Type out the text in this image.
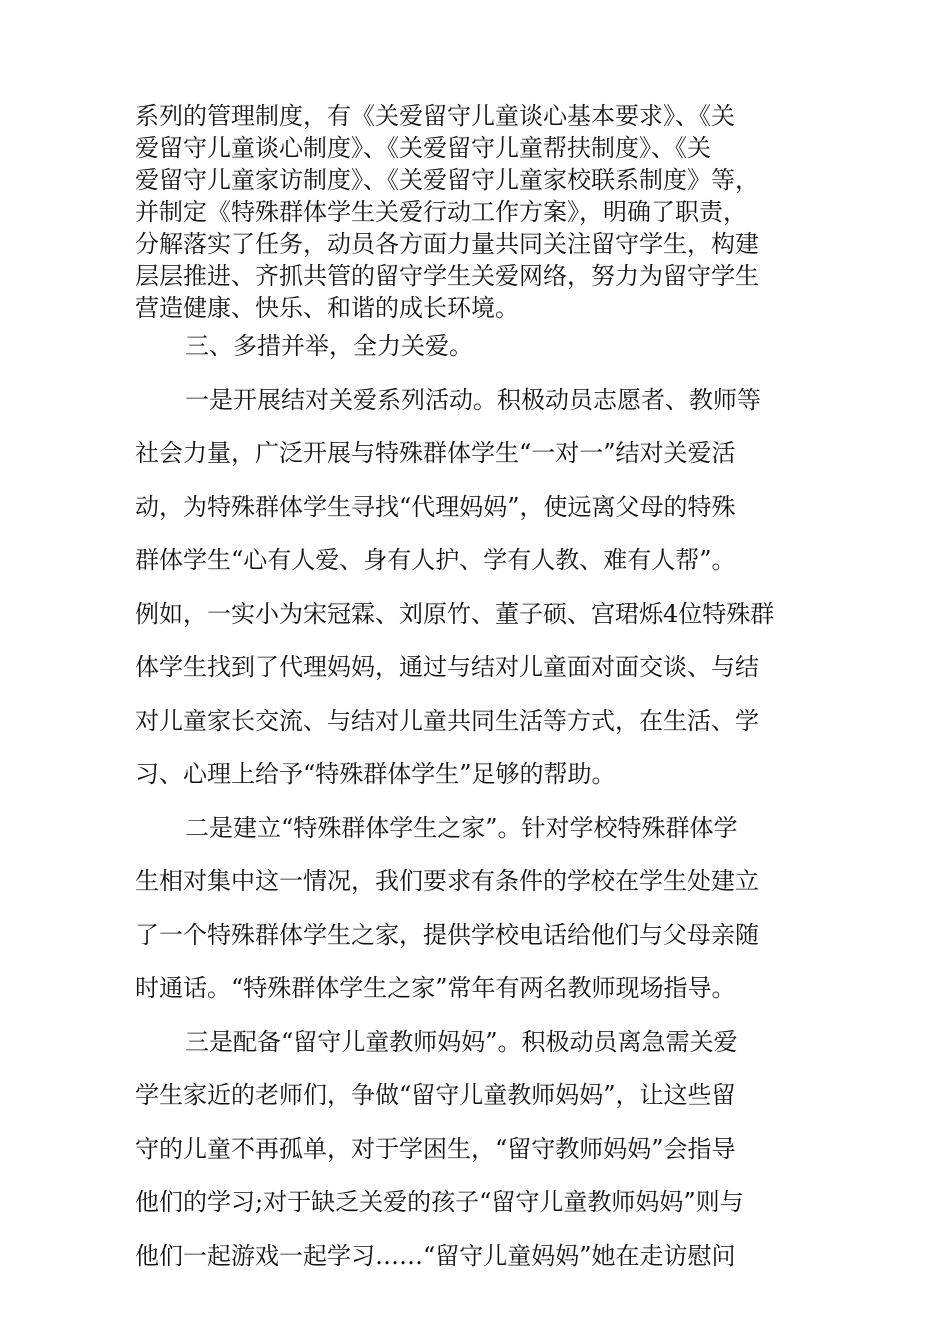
系列的管理制度，有《关爱留守儿童谈心基本要求》、《关
爱留守儿童谈心制度》、《关爱留守儿童帮扶制度》、《关
爱留守儿童家访制度》、《关爱留守儿童家校联系制度》等，
并制定《特殊群体学生关爱行动工作方案》，明确了职责，
分解落实了任务，动员各方面力量共同关注留守学生，构建
层层推进、齐抓共管的留守学生关爱网络，努力为留守学生
营造健康、快乐、和谐的成长环境。
三、多措并举，全力关爱。
一是开展结对关爱系列活动。积极动员志愿者、教师等
社会力量，广泛开展与特殊群体学生“一对一”结对关爱活
动，为特殊群体学生寻找“代理妈妈”，使远离父母的特殊
群体学生“心有人爱、身有人护、学有人教、难有人帮”。
例如，一实小为宋冠霖、刘原竹、董子硕、宫珺烁4位特殊群
体学生找到了代理妈妈，通过与结对儿童面对面交谈、与结
对儿童家长交流、与结对儿童共同生活等方式，在生活、学
习、心理上给予“特殊群体学生”足够的帮助。
二是建立“特殊群体学生之家”。针对学校特殊群体学
生相对集中这一情况，我们要求有条件的学校在学生处建立
了一个特殊群体学生之家，提供学校电话给他们与父母亲随
时通话。“特殊群体学生之家”常年有两名教师现场指导。
三是配备“留守儿童教师妈妈”。积极动员离急需关爱
学生家近的老师们，争做“留守儿童教师妈妈”，让这些留
守的儿童不再孤单，对于学困生，“留守教师妈妈”会指导
他们的学习;对于缺乏关爱的孩子“留守儿童教师妈妈”则与
他们一起游戏一起学习……“留守儿童妈妈”她在走访慰问
